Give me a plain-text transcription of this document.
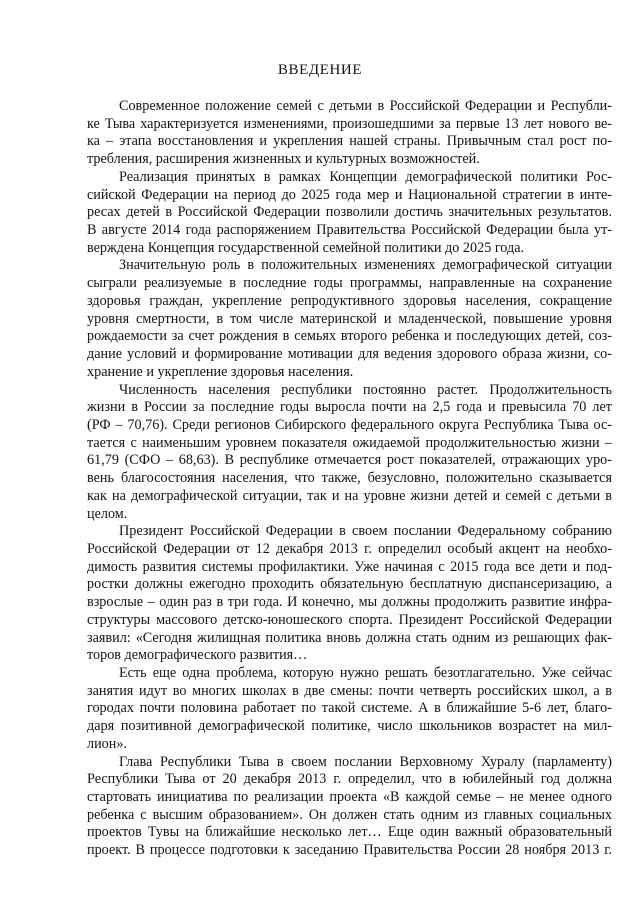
ВВЕДЕНИЕ
Современное положение семей с детьми в Российской Федерации и Республи-
ке Тыва характеризуется изменениями, произошедшими за первые 13 лет нового ве-
ка – этапа восстановления и укрепления нашей страны. Привычным стал рост по-
требления, расширения жизненных и культурных возможностей.
Реализация принятых в рамках Концепции демографической политики Рос-
сийской Федерации на период до 2025 года мер и Национальной стратегии в инте-
ресах детей в Российской Федерации позволили достичь значительных результатов.
В августе 2014 года распоряжением Правительства Российской Федерации была ут-
верждена Концепция государственной семейной политики до 2025 года.
Значительную роль в положительных изменениях демографической ситуации
сыграли реализуемые в последние годы программы, направленные на сохранение
здоровья граждан, укрепление репродуктивного здоровья населения, сокращение
уровня смертности, в том числе материнской и младенческой, повышение уровня
рождаемости за счет рождения в семьях второго ребенка и последующих детей, соз-
дание условий и формирование мотивации для ведения здорового образа жизни, со-
хранение и укрепление здоровья населения.
Численность населения республики постоянно растет. Продолжительность
жизни в России за последние годы выросла почти на 2,5 года и превысила 70 лет
(РФ – 70,76). Среди регионов Сибирского федерального округа Республика Тыва ос-
тается с наименьшим уровнем показателя ожидаемой продолжительностью жизни –
61,79 (СФО – 68,63). В республике отмечается рост показателей, отражающих уро-
вень благосостояния населения, что также, безусловно, положительно сказывается
как на демографической ситуации, так и на уровне жизни детей и семей с детьми в
целом.
Президент Российской Федерации в своем послании Федеральному собранию
Российской Федерации от 12 декабря 2013 г. определил особый акцент на необхо-
димость развития системы профилактики. Уже начиная с 2015 года все дети и под-
ростки должны ежегодно проходить обязательную бесплатную диспансеризацию, а
взрослые – один раз в три года. И конечно, мы должны продолжить развитие инфра-
структуры массового детско-юношеского спорта. Президент Российской Федерации
заявил: «Сегодня жилищная политика вновь должна стать одним из решающих фак-
торов демографического развития…
Есть еще одна проблема, которую нужно решать безотлагательно. Уже сейчас
занятия идут во многих школах в две смены: почти четверть российских школ, а в
городах почти половина работает по такой системе. А в ближайшие 5-6 лет, благо-
даря позитивной демографической политике, число школьников возрастет на мил-
лион».
Глава Республики Тыва в своем послании Верховному Хуралу (парламенту)
Республики Тыва от 20 декабря 2013 г. определил, что в юбилейный год должна
стартовать инициатива по реализации проекта «В каждой семье – не менее одного
ребенка с высшим образованием». Он должен стать одним из главных социальных
проектов Тувы на ближайшие несколько лет… Еще один важный образовательный
проект. В процессе подготовки к заседанию Правительства России 28 ноября 2013 г.
